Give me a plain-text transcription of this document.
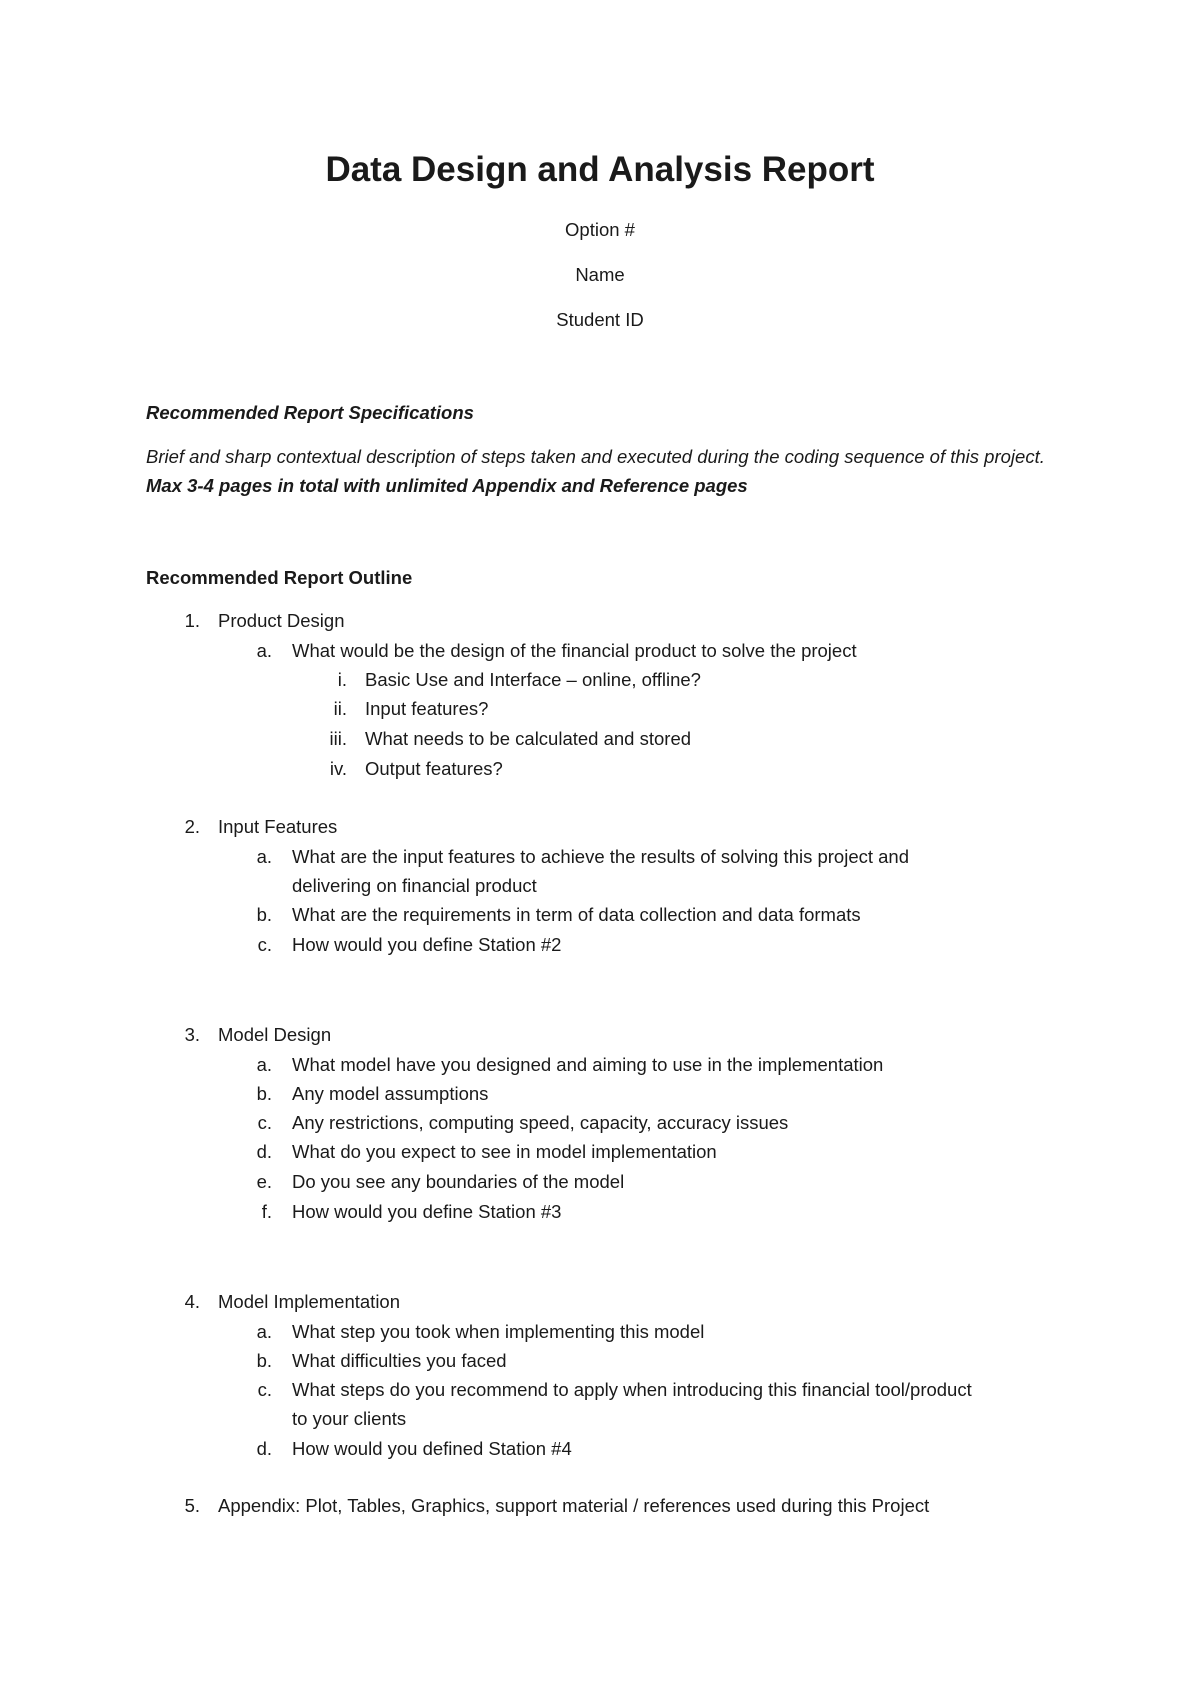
Data Design and Analysis Report
Option #
Name
Student ID
Recommended Report Specifications
Brief and sharp contextual description of steps taken and executed during the coding sequence of this project. Max 3-4 pages in total with unlimited Appendix and Reference pages
Recommended Report Outline
1. Product Design
a. What would be the design of the financial product to solve the project
i. Basic Use and Interface – online, offline?
ii. Input features?
iii. What needs to be calculated and stored
iv. Output features?
2. Input Features
a. What are the input features to achieve the results of solving this project and
delivering on financial product
b. What are the requirements in term of data collection and data formats
c. How would you define Station #2
3. Model Design
a. What model have you designed and aiming to use in the implementation
b. Any model assumptions
c. Any restrictions, computing speed, capacity, accuracy issues
d. What do you expect to see in model implementation
e. Do you see any boundaries of the model
f. How would you define Station #3
4. Model Implementation
a. What step you took when implementing this model
b. What difficulties you faced
c. What steps do you recommend to apply when introducing this financial tool/product
to your clients
d. How would you defined Station #4
5. Appendix: Plot, Tables, Graphics, support material / references used during this Project
